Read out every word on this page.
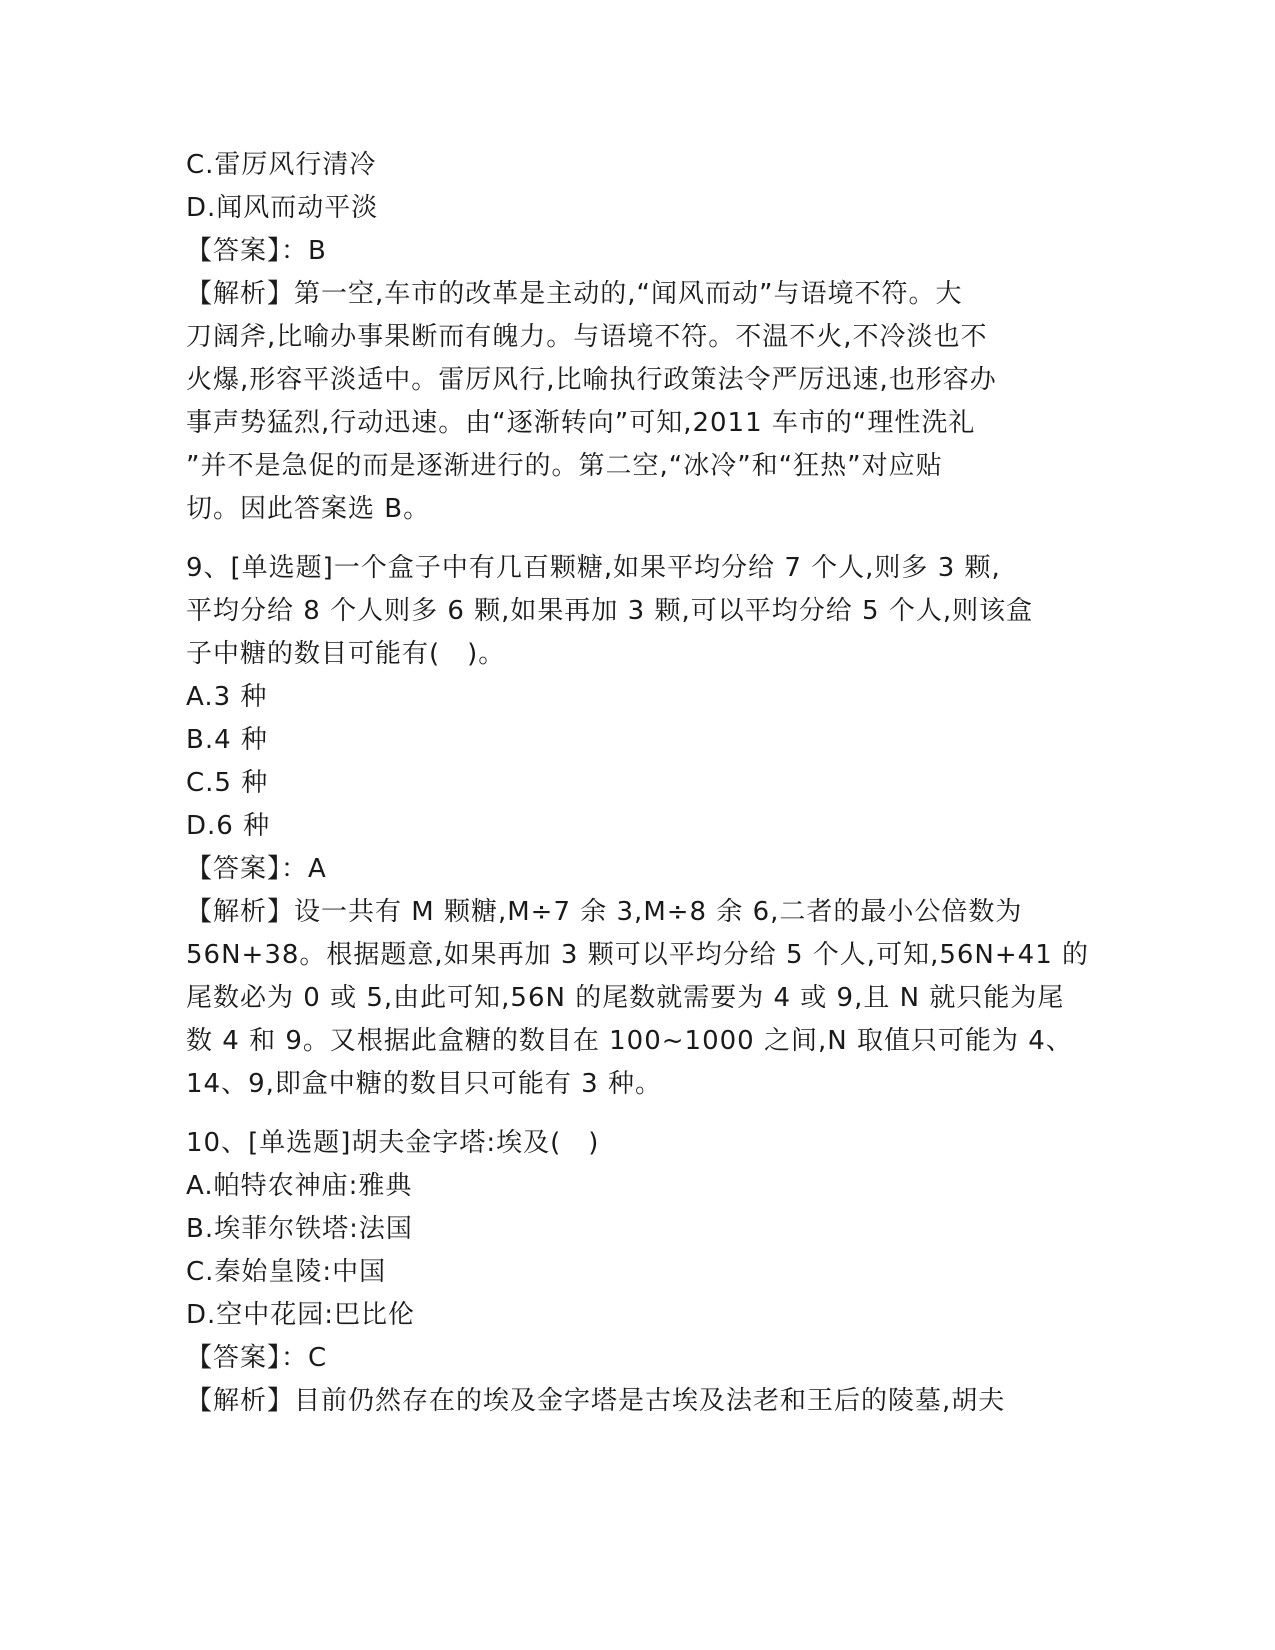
C.雷厉风行清冷
D.闻风而动平淡
【答案】：B
【解析】第一空,车市的改革是主动的,“闻风而动”与语境不符。大
刀阔斧,比喻办事果断而有魄力。与语境不符。不温不火,不冷淡也不
火爆,形容平淡适中。雷厉风行,比喻执行政策法令严厉迅速,也形容办
事声势猛烈,行动迅速。由“逐渐转向”可知,2011 车市的“理性洗礼
”并不是急促的而是逐渐进行的。第二空,“冰冷”和“狂热”对应贴
切。因此答案选 B。
9、[单选题]一个盒子中有几百颗糖,如果平均分给 7 个人,则多 3 颗,
平均分给 8 个人则多 6 颗,如果再加 3 颗,可以平均分给 5 个人,则该盒
子中糖的数目可能有(　)。
A.3 种
B.4 种
C.5 种
D.6 种
【答案】：A
【解析】设一共有 M 颗糖,M÷7 余 3,M÷8 余 6,二者的最小公倍数为
56N+38。根据题意,如果再加 3 颗可以平均分给 5 个人,可知,56N+41 的
尾数必为 0 或 5,由此可知,56N 的尾数就需要为 4 或 9,且 N 就只能为尾
数 4 和 9。又根据此盒糖的数目在 100~1000 之间,N 取值只可能为 4、
14、9,即盒中糖的数目只可能有 3 种。
10、[单选题]胡夫金字塔:埃及(　)
A.帕特农神庙:雅典
B.埃菲尔铁塔:法国
C.秦始皇陵:中国
D.空中花园:巴比伦
【答案】：C
【解析】目前仍然存在的埃及金字塔是古埃及法老和王后的陵墓,胡夫
